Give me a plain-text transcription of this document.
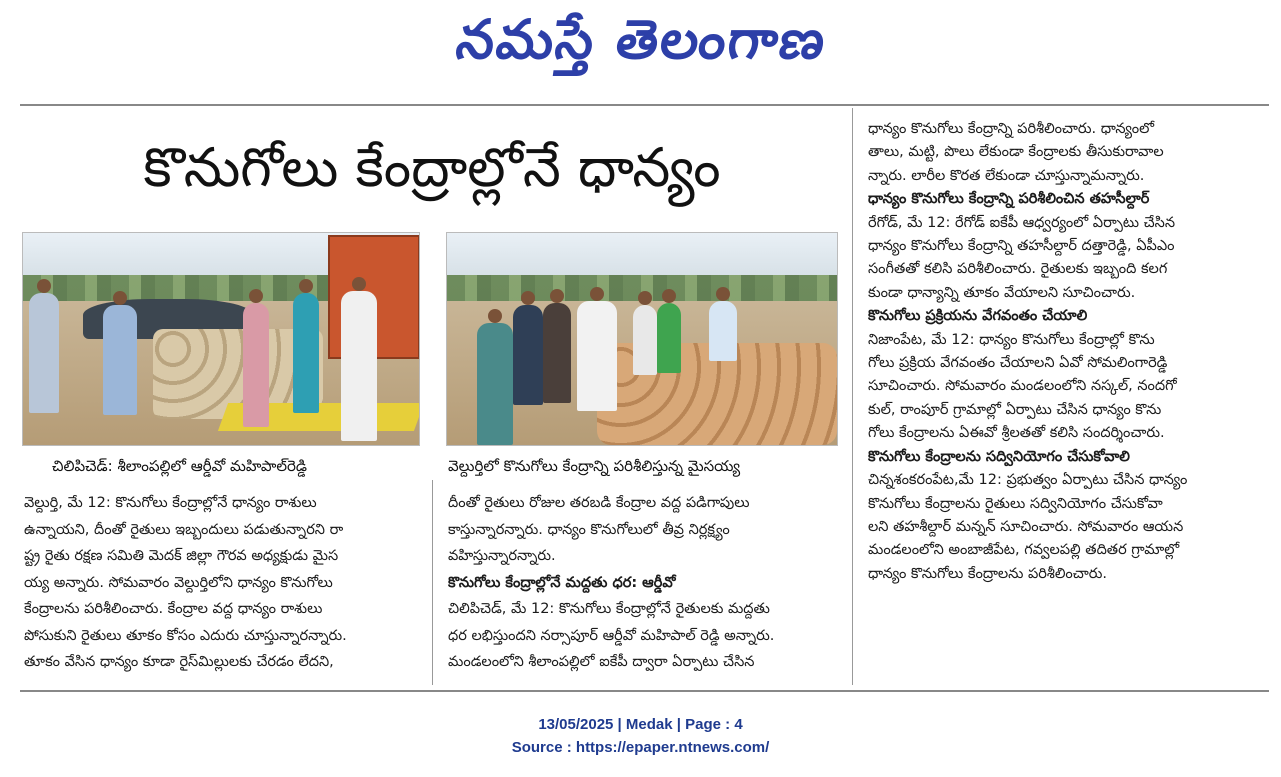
నమస్తే తెలంగాణ
కొనుగోలు కేంద్రాల్లోనే ధాన్యం
చిలిపిచెడ్: శీలాంపల్లిలో ఆర్డీవో మహిపాల్‌రెడ్డి	వెల్దుర్తిలో కొనుగోలు కేంద్రాన్ని పరిశీలిస్తున్న మైసయ్య

వెల్దుర్తి, మే 12: కొనుగోలు కేంద్రాల్లోనే ధాన్యం రాశులు

ఉన్నాయని, దీంతో రైతులు ఇబ్బందులు పడుతున్నారని రా

ష్ట్ర రైతు రక్షణ సమితి మెదక్ జిల్లా గౌరవ అధ్యక్షుడు మైస

య్య అన్నారు. సోమవారం వెల్దుర్తిలోని ధాన్యం కొనుగోలు

కేంద్రాలను పరిశీలించారు. కేంద్రాల వద్ద ధాన్యం రాశులు

పోసుకుని రైతులు తూకం కోసం ఎదురు చూస్తున్నారన్నారు.

తూకం వేసిన ధాన్యం కూడా రైస్‌మిల్లులకు చేరడం లేదని,

దీంతో రైతులు రోజుల తరబడి కేంద్రాల వద్ద పడిగాపులు

కాస్తున్నారన్నారు. ధాన్యం కొనుగోలులో తీవ్ర నిర్లక్ష్యం

వహిస్తున్నారన్నారు.

కొనుగోలు కేంద్రాల్లోనే మద్దతు ధర: ఆర్డీవో

చిలిపిచెడ్, మే 12: కొనుగోలు కేంద్రాల్లోనే రైతులకు మద్దతు

ధర లభిస్తుందని నర్సాపూర్ ఆర్డీవో మహిపాల్ రెడ్డి అన్నారు.

మండలంలోని శీలాంపల్లిలో ఐకేపీ ద్వారా ఏర్పాటు చేసిన

ధాన్యం కొనుగోలు కేంద్రాన్ని పరిశీలించారు. ధాన్యంలో

తాలు, మట్టి, పొలు లేకుండా కేంద్రాలకు తీసుకురావాల

న్నారు. లారీల కొరత లేకుండా చూస్తున్నామన్నారు.

ధాన్యం కొనుగోలు కేంద్రాన్ని పరిశీలించిన తహసీల్దార్

రేగోడ్, మే 12: రేగోడ్ ఐకేపీ ఆధ్వర్యంలో ఏర్పాటు చేసిన

ధాన్యం కొనుగోలు కేంద్రాన్ని తహసీల్దార్ దత్తారెడ్డి, ఏపీఎం

సంగీతతో కలిసి పరిశీలించారు. రైతులకు ఇబ్బంది కలగ

కుండా ధాన్యాన్ని తూకం వేయాలని సూచించారు.

కొనుగోలు ప్రక్రియను వేగవంతం చేయాలి

నిజాంపేట, మే 12: ధాన్యం కొనుగోలు కేంద్రాల్లో కొను

గోలు ప్రక్రియ వేగవంతం చేయాలని ఏవో సోమలింగారెడ్డి

సూచించారు. సోమవారం మండలంలోని నస్కల్, నందగో

కుల్, రాంపూర్ గ్రామాల్లో ఏర్పాటు చేసిన ధాన్యం కొను

గోలు కేంద్రాలను ఏఈవో శ్రీలతతో కలిసి సందర్శించారు.

కొనుగోలు కేంద్రాలను సద్వినియోగం చేసుకోవాలి

చిన్నశంకరంపేట,మే 12: ప్రభుత్వం ఏర్పాటు చేసిన ధాన్యం

కొనుగోలు కేంద్రాలను రైతులు సద్వినియోగం చేసుకోవా

లని తహశీల్దార్ మన్నన్ సూచించారు. సోమవారం ఆయన

మండలంలోని అంబాజీపేట, గవ్వలపల్లి తదితర గ్రామాల్లో

ధాన్యం కొనుగోలు కేంద్రాలను పరిశీలించారు.

13/05/2025 | Medak | Page : 4
Source : https://epaper.ntnews.com/
